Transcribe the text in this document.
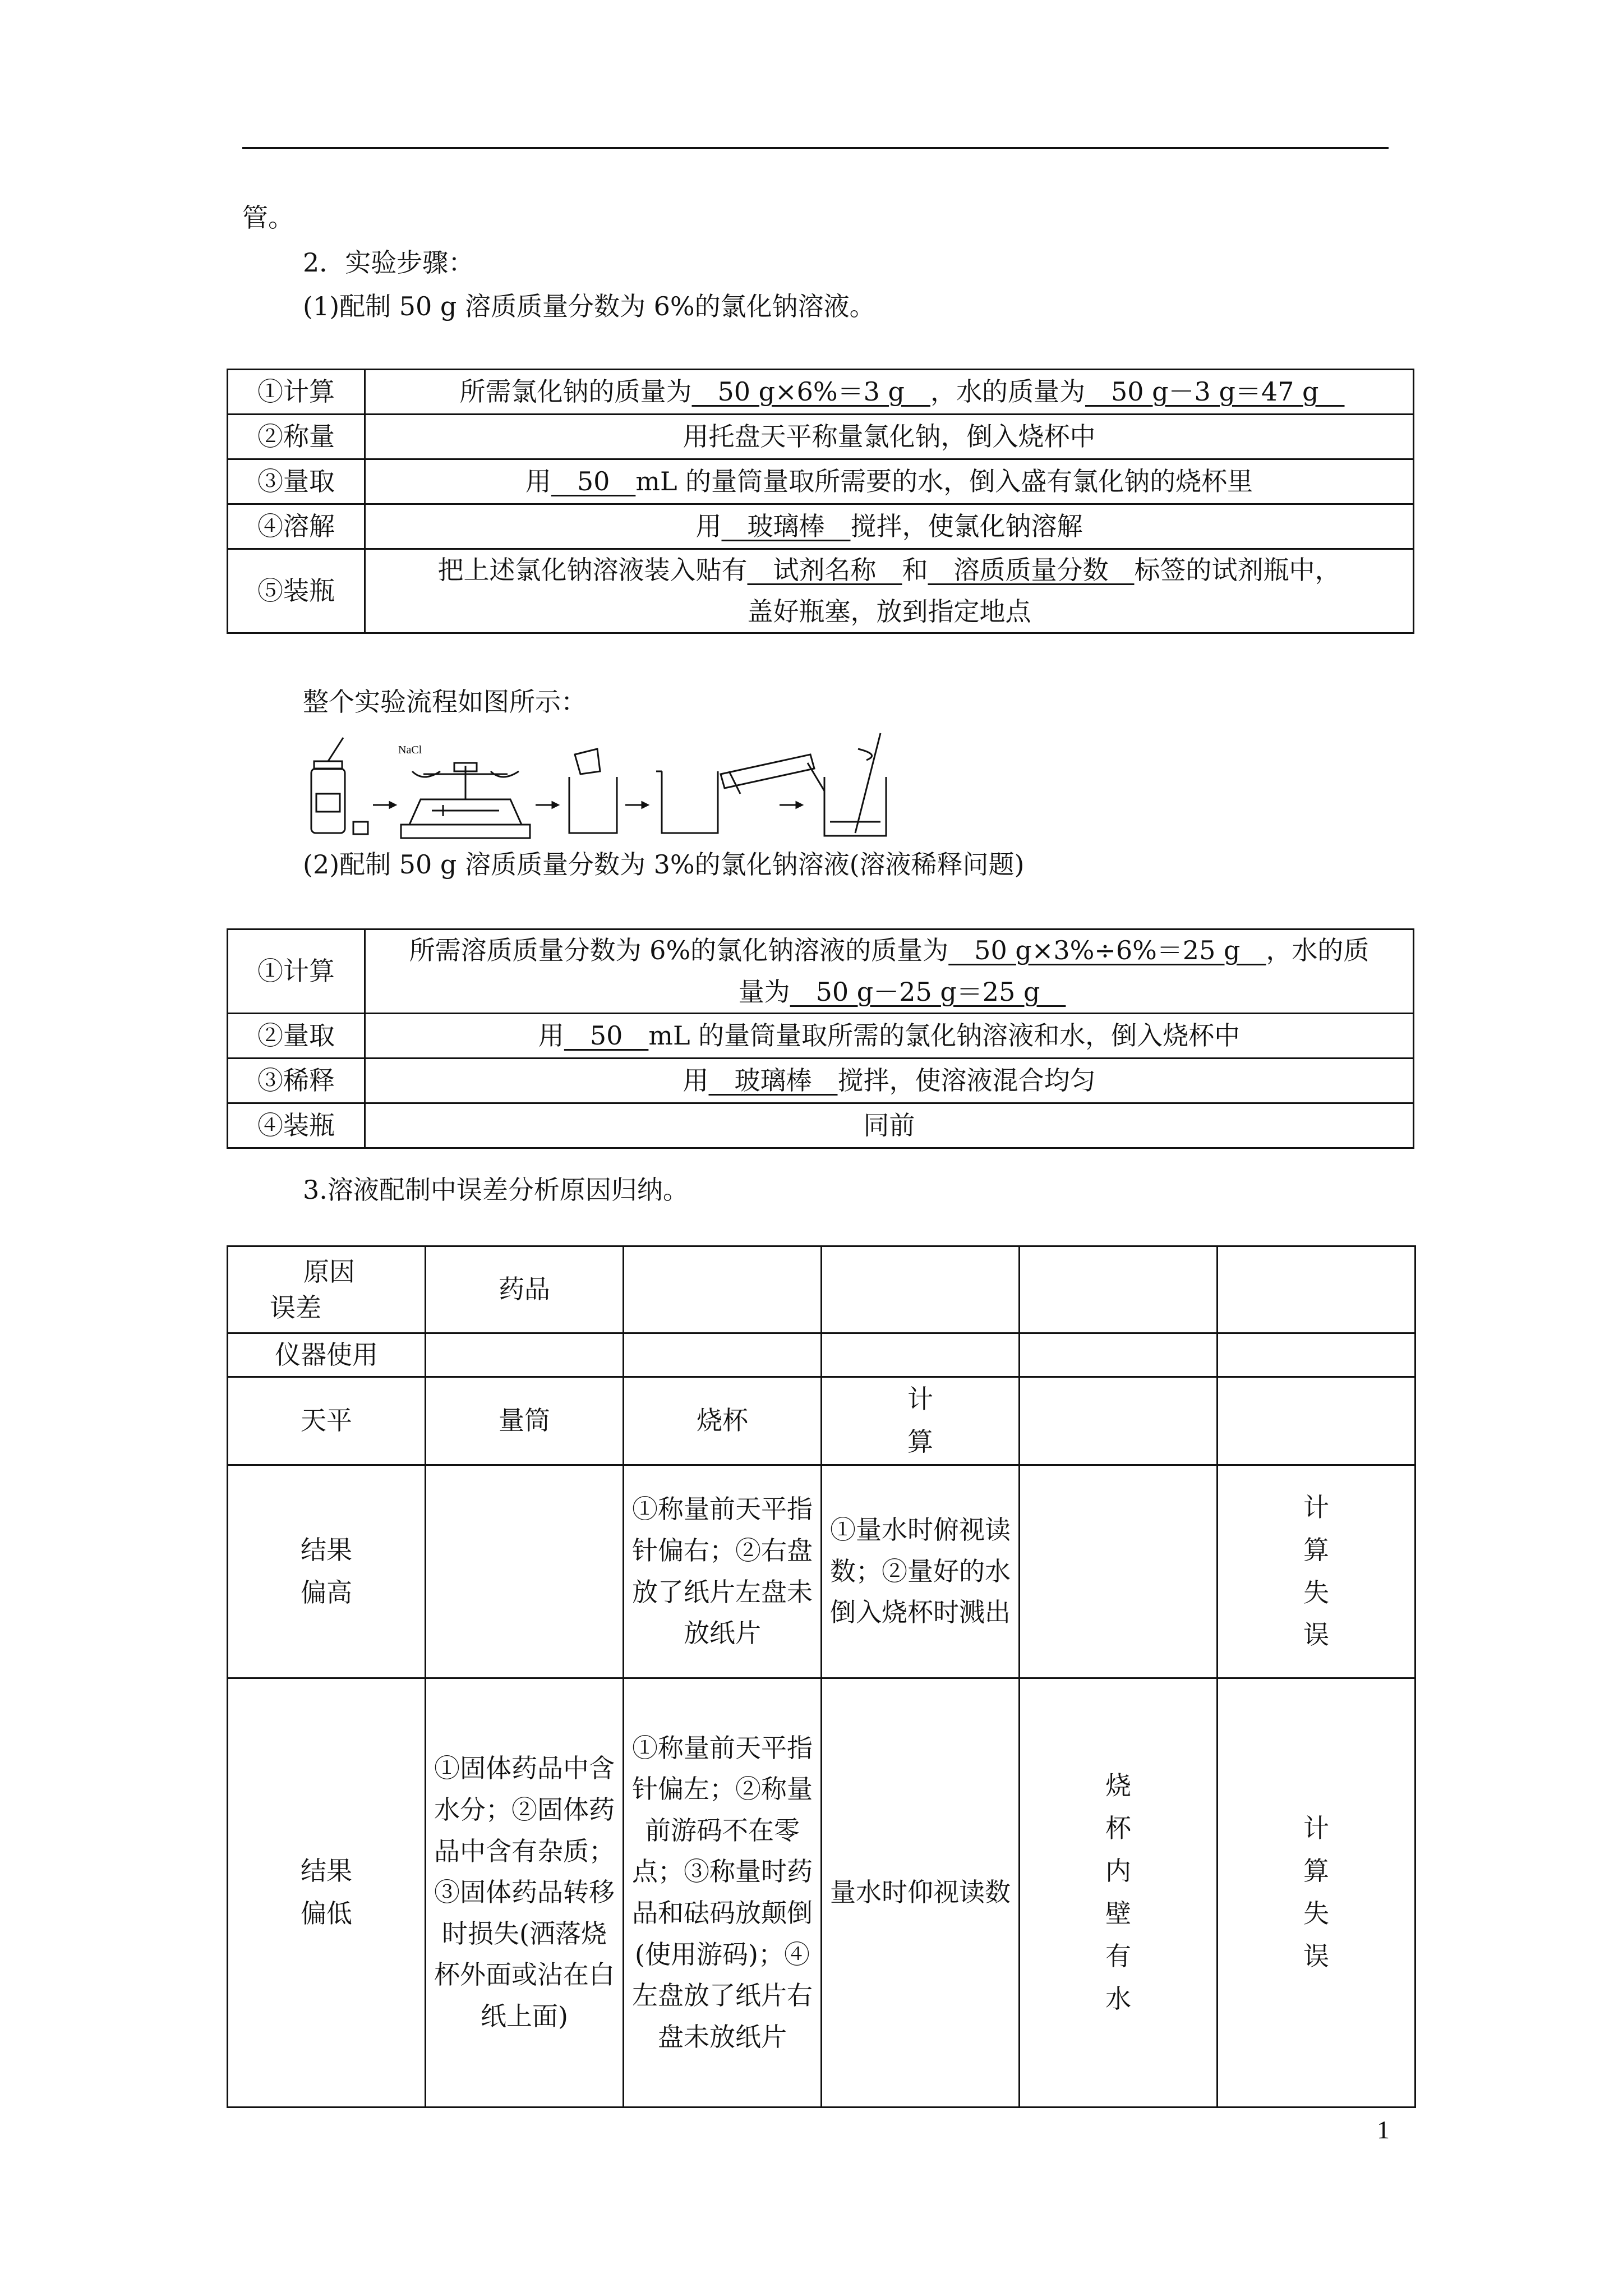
管。
2．实验步骤：
(1)配制 50 g 溶质质量分数为 6%的氯化钠溶液。
①计算	所需氯化钠的质量为　50 g×6%＝3 g　，水的质量为　50 g－3 g＝47 g　
②称量	用托盘天平称量氯化钠，倒入烧杯中
③量取	用　50　mL 的量筒量取所需要的水，倒入盛有氯化钠的烧杯里
④溶解	用　玻璃棒　搅拌，使氯化钠溶解
⑤装瓶	把上述氯化钠溶液装入贴有　试剂名称　和　溶质质量分数　标签的试剂瓶中，
盖好瓶塞，放到指定地点
整个实验流程如图所示：
NaCl
(2)配制 50 g 溶质质量分数为 3%的氯化钠溶液(溶液稀释问题)
①计算	所需溶质质量分数为 6%的氯化钠溶液的质量为　50 g×3%÷6%＝25 g　，水的质
量为　50 g－25 g＝25 g　

②量取	用　50　mL 的量筒量取所需的氯化钠溶液和水，倒入烧杯中
③稀释	用　玻璃棒　搅拌，使溶液混合均匀
④装瓶	同前
3.溶液配制中误差分析原因归纳。
原因
误差	药品				
仪器使用					
天平	量筒	烧杯	计算		
结果偏高		①称量前天平指针偏右；②右盘放了纸片左盘未放纸片	①量水时俯视读数；②量好的水倒入烧杯时溅出		计算失误
结果偏低	①固体药品中含水分；②固体药品中含有杂质；③固体药品转移时损失(洒落烧杯外面或沾在白纸上面)	①称量前天平指针偏左；②称量前游码不在零点；③称量时药品和砝码放颠倒(使用游码)；④左盘放了纸片右盘未放纸片	量水时仰视读数	烧杯内壁有水	计算失误
1
